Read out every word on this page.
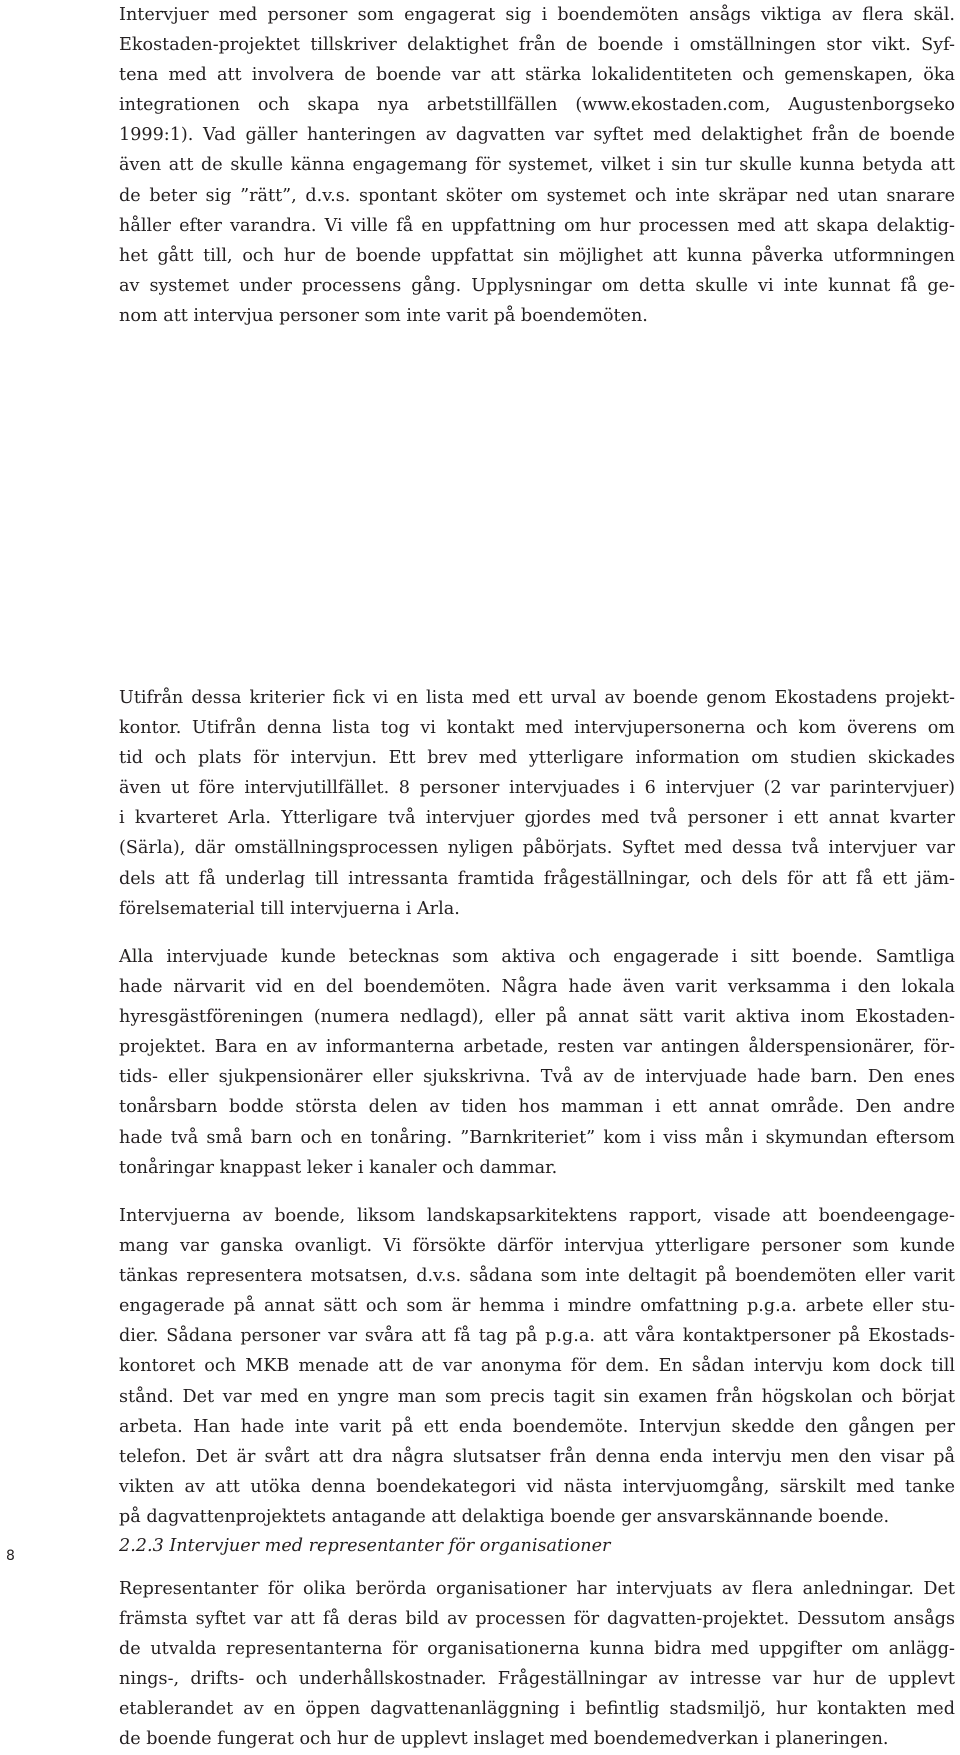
Intervjuer med personer som engagerat sig i boendemöten ansågs viktiga av flera skäl.
Ekostaden-projektet tillskriver delaktighet från de boende i omställningen stor vikt. Syf-
tena med att involvera de boende var att stärka lokalidentiteten och gemenskapen, öka
integrationen och skapa nya arbetstillfällen (www.ekostaden.com, Augustenborgseko
1999:1). Vad gäller hanteringen av dagvatten var syftet med delaktighet från de boende
även att de skulle känna engagemang för systemet, vilket i sin tur skulle kunna betyda att
de beter sig ”rätt”, d.v.s. spontant sköter om systemet och inte skräpar ned utan snarare
håller efter varandra. Vi ville få en uppfattning om hur processen med att skapa delaktig-
het gått till, och hur de boende uppfattat sin möjlighet att kunna påverka utformningen
av systemet under processens gång. Upplysningar om detta skulle vi inte kunnat få ge-
nom att intervjua personer som inte varit på boendemöten.
Utifrån dessa kriterier fick vi en lista med ett urval av boende genom Ekostadens projekt-
kontor. Utifrån denna lista tog vi kontakt med intervjupersonerna och kom överens om
tid och plats för intervjun. Ett brev med ytterligare information om studien skickades
även ut före intervjutillfället. 8 personer intervjuades i 6 intervjuer (2 var parintervjuer)
i kvarteret Arla. Ytterligare två intervjuer gjordes med två personer i ett annat kvarter
(Särla), där omställningsprocessen nyligen påbörjats. Syftet med dessa två intervjuer var
dels att få underlag till intressanta framtida frågeställningar, och dels för att få ett jäm-
förelsematerial till intervjuerna i Arla.
Alla intervjuade kunde betecknas som aktiva och engagerade i sitt boende. Samtliga
hade närvarit vid en del boendemöten. Några hade även varit verksamma i den lokala
hyresgästföreningen (numera nedlagd), eller på annat sätt varit aktiva inom Ekostaden-
projektet. Bara en av informanterna arbetade, resten var antingen ålderspensionärer, för-
tids- eller sjukpensionärer eller sjukskrivna. Två av de intervjuade hade barn. Den enes
tonårsbarn bodde största delen av tiden hos mamman i ett annat område. Den andre
hade två små barn och en tonåring. ”Barnkriteriet” kom i viss mån i skymundan eftersom
tonåringar knappast leker i kanaler och dammar.
Intervjuerna av boende, liksom landskapsarkitektens rapport, visade att boendeengage-
mang var ganska ovanligt. Vi försökte därför intervjua ytterligare personer som kunde
tänkas representera motsatsen, d.v.s. sådana som inte deltagit på boendemöten eller varit
engagerade på annat sätt och som är hemma i mindre omfattning p.g.a. arbete eller stu-
dier. Sådana personer var svåra att få tag på p.g.a. att våra kontaktpersoner på Ekostads-
kontoret och MKB menade att de var anonyma för dem. En sådan intervju kom dock till
stånd. Det var med en yngre man som precis tagit sin examen från högskolan och börjat
arbeta. Han hade inte varit på ett enda boendemöte. Intervjun skedde den gången per
telefon. Det är svårt att dra några slutsatser från denna enda intervju men den visar på
vikten av att utöka denna boendekategori vid nästa intervjuomgång, särskilt med tanke
på dagvattenprojektets antagande att delaktiga boende ger ansvarskännande boende.
2.2.3 Intervjuer med representanter för organisationer
Representanter för olika berörda organisationer har intervjuats av flera anledningar. Det
främsta syftet var att få deras bild av processen för dagvatten-projektet. Dessutom ansågs
de utvalda representanterna för organisationerna kunna bidra med uppgifter om anlägg-
nings-, drifts- och underhållskostnader. Frågeställningar av intresse var hur de upplevt
etablerandet av en öppen dagvattenanläggning i befintlig stadsmiljö, hur kontakten med
de boende fungerat och hur de upplevt inslaget med boendemedverkan i planeringen.
8
